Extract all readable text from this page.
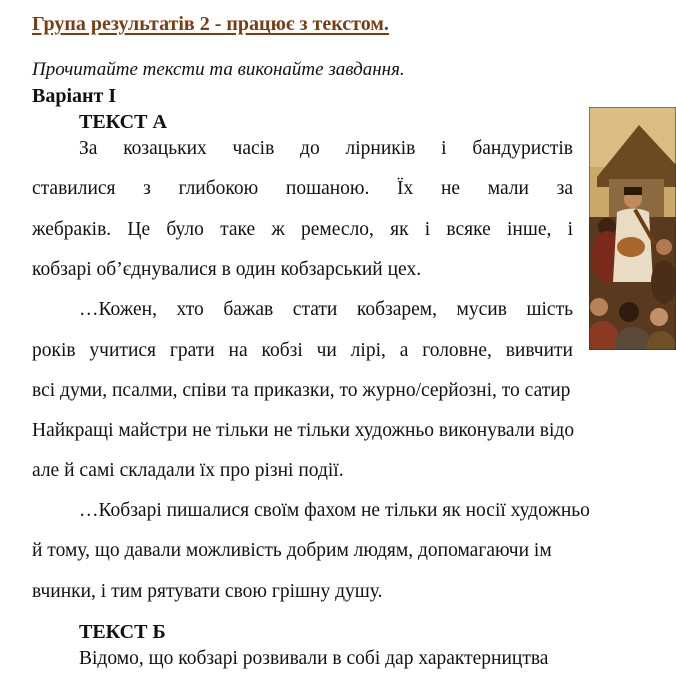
Група результатів 2 - працює з текстом.
Прочитайте тексти та виконайте завдання.
Варіант І
ТЕКСТ А
За козацьких часів до лірників і бандуристів
ставилися з глибокою пошаною. Їх не мали за
жебраків. Це було таке ж ремесло, як і всяке інше, і
кобзарі об’єднувалися в один кобзарський цех.
…Кожен, хто бажав стати кобзарем, мусив шість
років учитися грати на кобзі чи лірі, а головне, вивчити
всі думи, псалми, співи та приказки, то журно/серйозні, то сатир
Найкращі майстри не тільки не тільки художньо виконували відо
але й самі складали їх про різні події.
…Кобзарі пишалися своїм фахом не тільки як носії художньо
й тому, що давали можливість добрим людям, допомагаючи ім
вчинки, і тим рятувати свою грішну душу.
ТЕКСТ Б
Відомо, що кобзарі розвивали в собі дар характерництва
